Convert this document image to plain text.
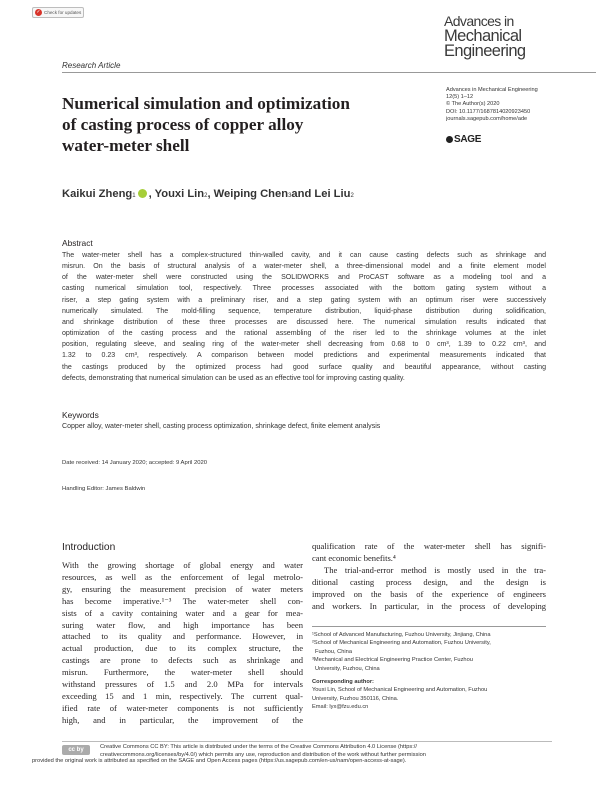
✓ Check for updates
Advances in
Mechanical
Engineering
Research Article
Advances in Mechanical Engineering
12(5) 1–12
© The Author(s) 2020
DOI: 10.1177/1687814020923450
journals.sagepub.com/home/ade
SAGE
Numerical simulation and optimization
of casting process of copper alloy
water-meter shell
Kaikui Zheng 1 , Youxi Lin 2 , Weiping Chen 3 and Lei Liu 2
Abstract
The water-meter shell has a complex-structured thin-walled cavity, and it can cause casting defects such as shrinkage and
misrun. On the basis of structural analysis of a water-meter shell, a three-dimensional model and a finite element model
of the water-meter shell were constructed using the SOLIDWORKS and ProCAST software as a modeling tool and a
casting numerical simulation tool, respectively. Three processes associated with the bottom gating system without a
riser, a step gating system with a preliminary riser, and a step gating system with an optimum riser were successively
numerically simulated. The mold-filling sequence, temperature distribution, liquid-phase distribution during solidification,
and shrinkage distribution of these three processes are discussed here. The numerical simulation results indicated that
optimization of the casting process and the rational assembling of the riser led to the shrinkage volumes at the inlet
position, regulating sleeve, and sealing ring of the water-meter shell decreasing from 0.68 to 0 cm³, 1.39 to 0.22 cm³, and
1.32 to 0.23 cm³, respectively. A comparison between model predictions and experimental measurements indicated that
the castings produced by the optimized process had good surface quality and beautiful appearance, without casting
defects, demonstrating that numerical simulation can be used as an effective tool for improving casting quality.
Keywords
Copper alloy, water-meter shell, casting process optimization, shrinkage defect, finite element analysis
Date received: 14 January 2020; accepted: 9 April 2020
Handling Editor: James Baldwin
Introduction
With the growing shortage of global energy and water
resources, as well as the enforcement of legal metrolo-
gy, ensuring the measurement precision of water meters
has become imperative.¹⁻³ The water-meter shell con-
sists of a cavity containing water and a gear for mea-
suring water flow, and high importance has been
attached to its quality and performance. However, in
actual production, due to its complex structure, the
castings are prone to defects such as shrinkage and
misrun. Furthermore, the water-meter shell should
withstand pressures of 1.5 and 2.0 MPa for intervals
exceeding 15 and 1 min, respectively. The current qual-
ified rate of water-meter components is not sufficiently
high, and in particular, the improvement of the
qualification rate of the water-meter shell has signifi-
cant economic benefits.⁴
The trial-and-error method is mostly used in the tra-
ditional casting process design, and the design is
improved on the basis of the experience of engineers
and workers. In particular, in the process of developing
¹School of Advanced Manufacturing, Fuzhou University, Jinjiang, China
²School of Mechanical Engineering and Automation, Fuzhou University,
Fuzhou, China
³Mechanical and Electrical Engineering Practice Center, Fuzhou
University, Fuzhou, China
Corresponding author:
Youxi Lin, School of Mechanical Engineering and Automation, Fuzhou
University, Fuzhou 350116, China.
Email: lyx@fzu.edu.cn
cc by	Creative Commons CC BY: This article is distributed under the terms of the Creative Commons Attribution 4.0 License (https://
creativecommons.org/licenses/by/4.0/) which permits any use, reproduction and distribution of the work without further permission
provided the original work is attributed as specified on the SAGE and Open Access pages (https://us.sagepub.com/en-us/nam/open-access-at-sage).
